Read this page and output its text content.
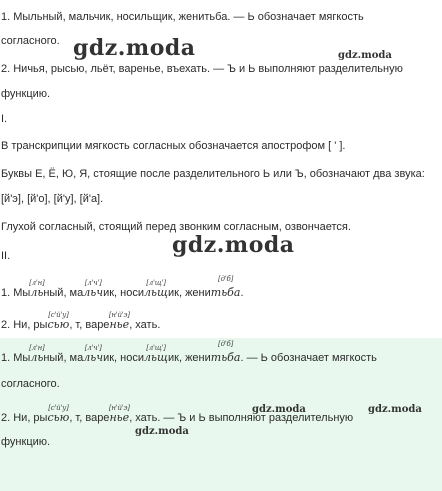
1. Мыльный, мальчик, носильщик, женитьба. — Ь обозначает мягкость
согласного.
2. Ничья, рысью, льёт, варенье, въехать. — Ъ и Ь выполняют разделительную
функцию.
I.
В транскрипции мягкость согласных обозначается апострофом [ ' ].
Буквы Е, Ё, Ю, Я, стоящие после разделительного Ь или Ъ, обозначают два звука:
[й'э], [й'о], [й'у], [й'а].
Глухой согласный, стоящий перед звонким согласным, озвончается.
II.
1. Мыль
[ л'н ]
ный, мальч
[ л'ч' ]
ик, носильщ
[ л'щ' ]
ик, женитьба
[ д'б ]
.
2. Ни, рысью
[ с'й'у ]
, т, варенье
[ н'й'э ]
, хать.
1. Мыль
[ л'н ]
ный, мальч
[ л'ч' ]
ик, носильщ
[ л'щ' ]
ик, женитьба
[ д'б ]
. — Ь обозначает мягкость
согласного.
2. Ни, рысью
[ с'й'у ]
, т, варенье
[ н'й'э ]
, хать. — Ъ и Ь выполняют разделительную
функцию.
gdz.moda	gdz.moda
gdz.moda
gdz.moda	gdz.moda
gdz.moda
